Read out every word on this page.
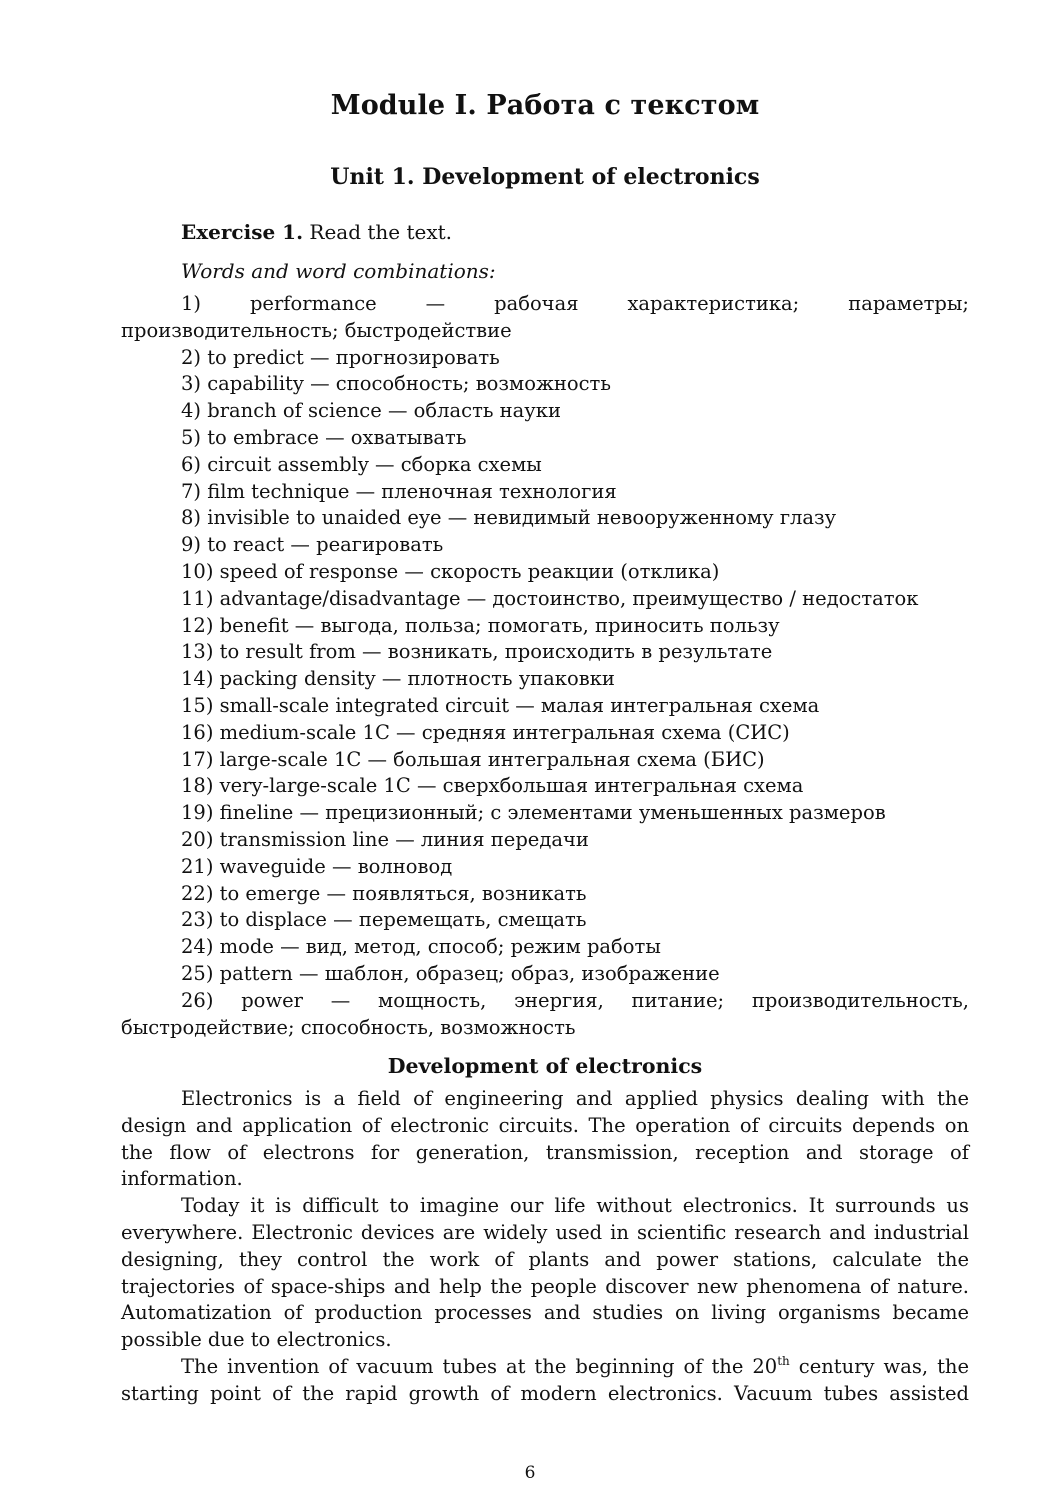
Module I. Работа с текстом
Unit 1. Development of electronics

Exercise 1. Read the text.

Words and word combinations:

1) performance — рабочая характеристика; параметры; производительность; быстродействие
2) to predict — прогнозировать
3) capability — способность; возможность
4) branch of science — область науки
5) to embrace — охватывать
6) circuit assembly — сборка схемы
7) film technique — пленочная технология
8) invisible to unaided eye — невидимый невооруженному глазу
9) to react — реагировать
10) speed of response — скорость реакции (отклика)
11) advantage/disadvantage — достоинство, преимущество / недостаток
12) benefit — выгода, польза; помогать, приносить пользу
13) to result from — возникать, происходить в результате
14) packing density — плотность упаковки
15) small-scale integrated circuit — малая интегральная схема
16) medium-scale 1C — средняя интегральная схема (СИС)
17) large-scale 1C — большая интегральная схема (БИС)
18) very-large-scale 1C — сверхбольшая интегральная схема
19) fineline — прецизионный; с элементами уменьшенных размеров
20) transmission line — линия передачи
21) waveguide — волновод
22) to emerge — появляться, возникать
23) to displace — перемещать, смещать
24) mode — вид, метод, способ; режим работы
25) pattern — шаблон, образец; образ, изображение
26) power — мощность, энергия, питание; производительность, быстродействие; способность, возможность
Development of electronics

Electronics is a field of engineering and applied physics dealing with the design and application of electronic circuits. The operation of circuits depends on the flow of electrons for generation, transmission, reception and storage of information.

Today it is difficult to imagine our life without electronics. It surrounds us everywhere. Electronic devices are widely used in scientific research and industrial designing, they control the work of plants and power stations, calculate the trajectories of space-ships and help the people discover new phenomena of nature. Automatization of production processes and studies on living organisms became possible due to electronics.

The invention of vacuum tubes at the beginning of the 20th century was, the starting point of the rapid growth of modern electronics. Vacuum tubes assisted

6
